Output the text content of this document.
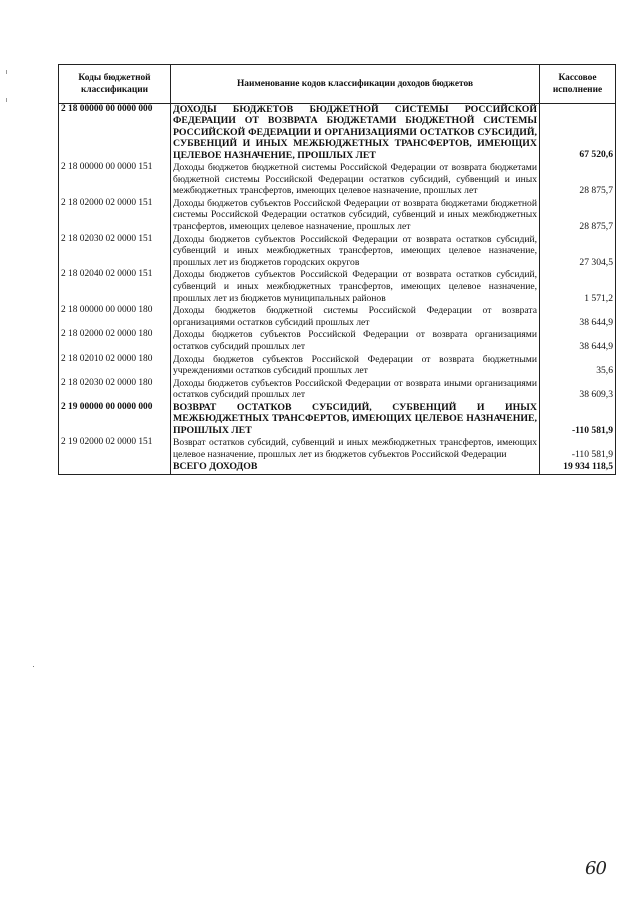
Коды бюджетной классификации	Наименование кодов классификации доходов бюджетов	Кассовое исполнение
2 18 00000 00 0000 000	ДОХОДЫ БЮДЖЕТОВ БЮДЖЕТНОЙ СИСТЕМЫ РОССИЙСКОЙ ФЕДЕРАЦИИ ОТ ВОЗВРАТА БЮДЖЕТАМИ БЮДЖЕТНОЙ СИСТЕМЫ РОССИЙСКОЙ ФЕДЕРАЦИИ И ОРГАНИЗАЦИЯМИ ОСТАТКОВ СУБСИДИЙ, СУБВЕНЦИЙ И ИНЫХ МЕЖБЮДЖЕТНЫХ ТРАНСФЕРТОВ, ИМЕЮЩИХ ЦЕЛЕВОЕ НАЗНАЧЕНИЕ, ПРОШЛЫХ ЛЕТ	67 520,6
2 18 00000 00 0000 151	Доходы бюджетов бюджетной системы Российской Федерации от возврата бюджетами бюджетной системы Российской Федерации остатков субсидий, субвенций и иных межбюджетных трансфертов, имеющих целевое назначение, прошлых лет	28 875,7
2 18 02000 02 0000 151	Доходы бюджетов субъектов Российской Федерации от возврата бюджетами бюджетной системы Российской Федерации остатков субсидий, субвенций и иных межбюджетных трансфертов, имеющих целевое назначение, прошлых лет	28 875,7
2 18 02030 02 0000 151	Доходы бюджетов субъектов Российской Федерации от возврата остатков субсидий, субвенций и иных межбюджетных трансфертов, имеющих целевое назначение, прошлых лет из бюджетов городских округов	27 304,5
2 18 02040 02 0000 151	Доходы бюджетов субъектов Российской Федерации от возврата остатков субсидий, субвенций и иных межбюджетных трансфертов, имеющих целевое назначение, прошлых лет из бюджетов муниципальных районов	1 571,2
2 18 00000 00 0000 180	Доходы бюджетов бюджетной системы Российской Федерации от возврата организациями остатков субсидий прошлых лет	38 644,9
2 18 02000 02 0000 180	Доходы бюджетов субъектов Российской Федерации от возврата организациями остатков субсидий прошлых лет	38 644,9
2 18 02010 02 0000 180	Доходы бюджетов субъектов Российской Федерации от возврата бюджетными учреждениями остатков субсидий прошлых лет	35,6
2 18 02030 02 0000 180	Доходы бюджетов субъектов Российской Федерации от возврата иными организациями остатков субсидий прошлых лет	38 609,3
2 19 00000 00 0000 000	ВОЗВРАТ ОСТАТКОВ СУБСИДИЙ, СУБВЕНЦИЙ И ИНЫХ МЕЖБЮДЖЕТНЫХ ТРАНСФЕРТОВ, ИМЕЮЩИХ ЦЕЛЕВОЕ НАЗНАЧЕНИЕ, ПРОШЛЫХ ЛЕТ	-110 581,9
2 19 02000 02 0000 151	Возврат остатков субсидий, субвенций и иных межбюджетных трансфертов, имеющих целевое назначение, прошлых лет из бюджетов субъектов Российской Федерации	-110 581,9
	ВСЕГО ДОХОДОВ	19 934 118,5
60
